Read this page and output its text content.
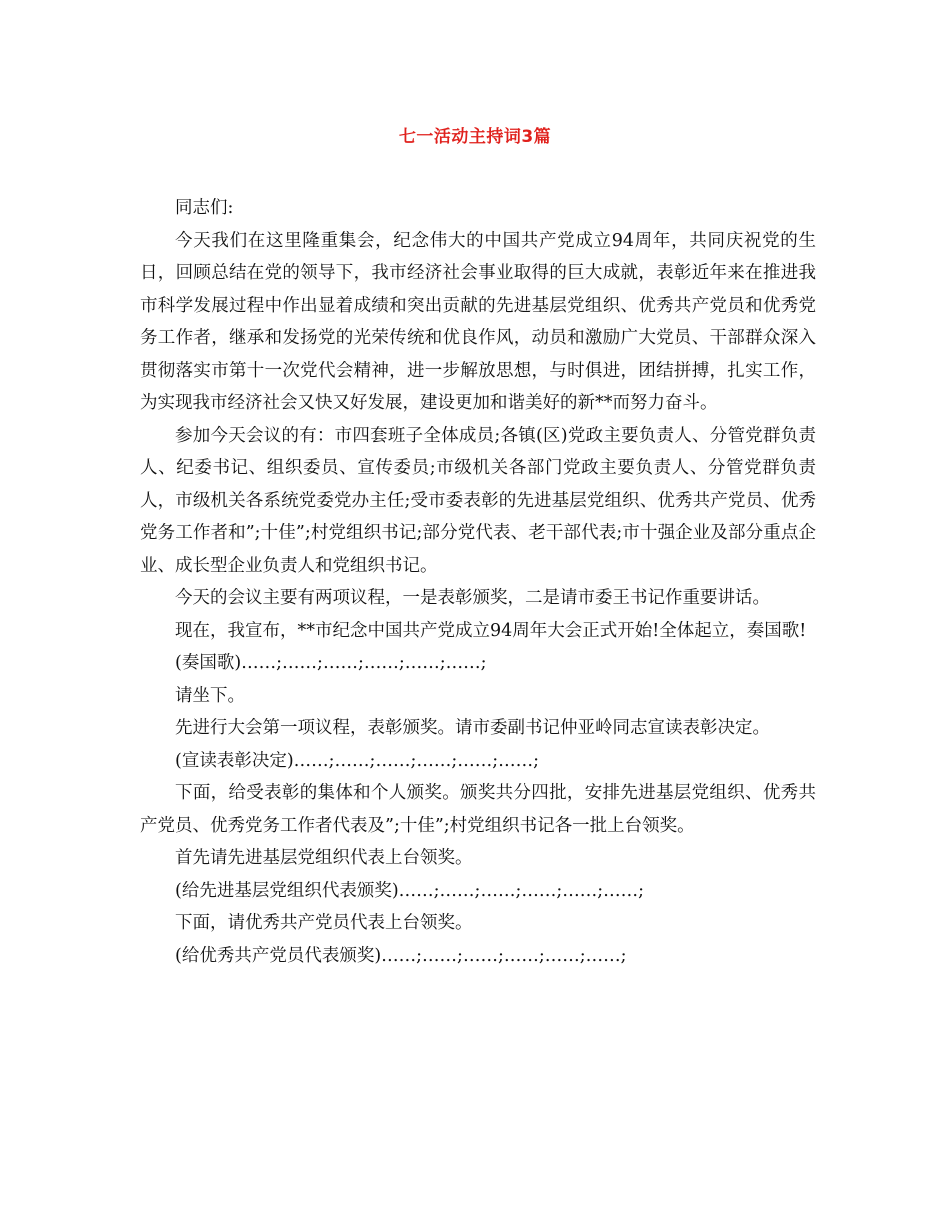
七一活动主持词3篇

同志们:

今天我们在这里隆重集会，纪念伟大的中国共产党成立94周年，共同庆祝党的生日，回顾总结在党的领导下，我市经济社会事业取得的巨大成就，表彰近年来在推进我市科学发展过程中作出显着成绩和突出贡献的先进基层党组织、优秀共产党员和优秀党务工作者，继承和发扬党的光荣传统和优良作风，动员和激励广大党员、干部群众深入贯彻落实市第十一次党代会精神，进一步解放思想，与时俱进，团结拼搏，扎实工作，为实现我市经济社会又快又好发展，建设更加和谐美好的新**而努力奋斗。

参加今天会议的有：市四套班子全体成员;各镇(区)党政主要负责人、分管党群负责人、纪委书记、组织委员、宣传委员;市级机关各部门党政主要负责人、分管党群负责人，市级机关各系统党委党办主任;受市委表彰的先进基层党组织、优秀共产党员、优秀党务工作者和”;十佳”;村党组织书记;部分党代表、老干部代表;市十强企业及部分重点企业、成长型企业负责人和党组织书记。

今天的会议主要有两项议程，一是表彰颁奖，二是请市委王书记作重要讲话。

现在，我宣布，**市纪念中国共产党成立94周年大会正式开始!全体起立，奏国歌!

(奏国歌)……;……;……;……;……;……;

请坐下。

先进行大会第一项议程，表彰颁奖。请市委副书记仲亚岭同志宣读表彰决定。

(宣读表彰决定)……;……;……;……;……;……;

下面，给受表彰的集体和个人颁奖。颁奖共分四批，安排先进基层党组织、优秀共产党员、优秀党务工作者代表及”;十佳”;村党组织书记各一批上台领奖。

首先请先进基层党组织代表上台领奖。

(给先进基层党组织代表颁奖)……;……;……;……;……;……;

下面，请优秀共产党员代表上台领奖。

(给优秀共产党员代表颁奖)……;……;……;……;……;……;
